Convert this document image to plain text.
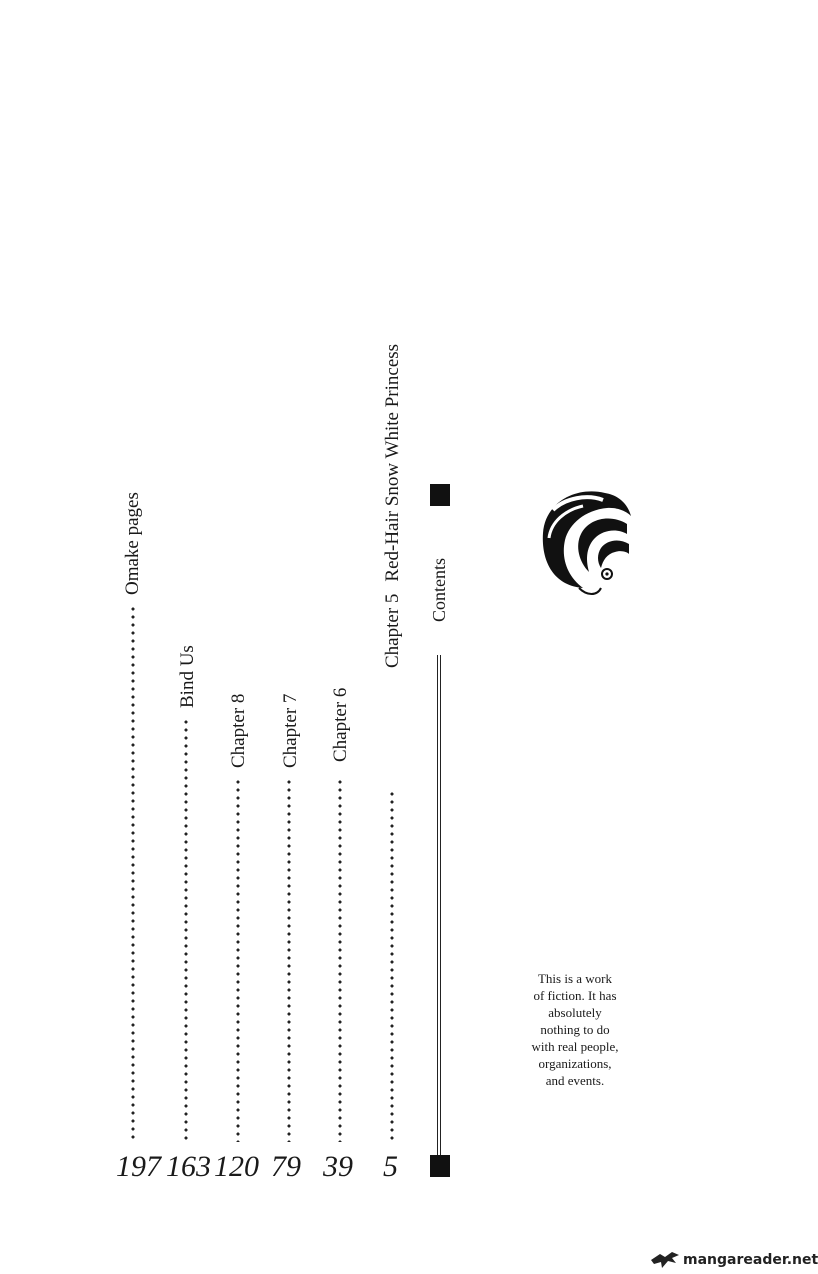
Chapter 5Red-Hair Snow White Princess
Chapter 6
Chapter 7
Chapter 8
Bind Us
Omake pages
5
39
79
120
163
197
Contents
This is a work
of fiction. It has
absolutely
nothing to do
with real people,
organizations,
and events.
mangareader.net
